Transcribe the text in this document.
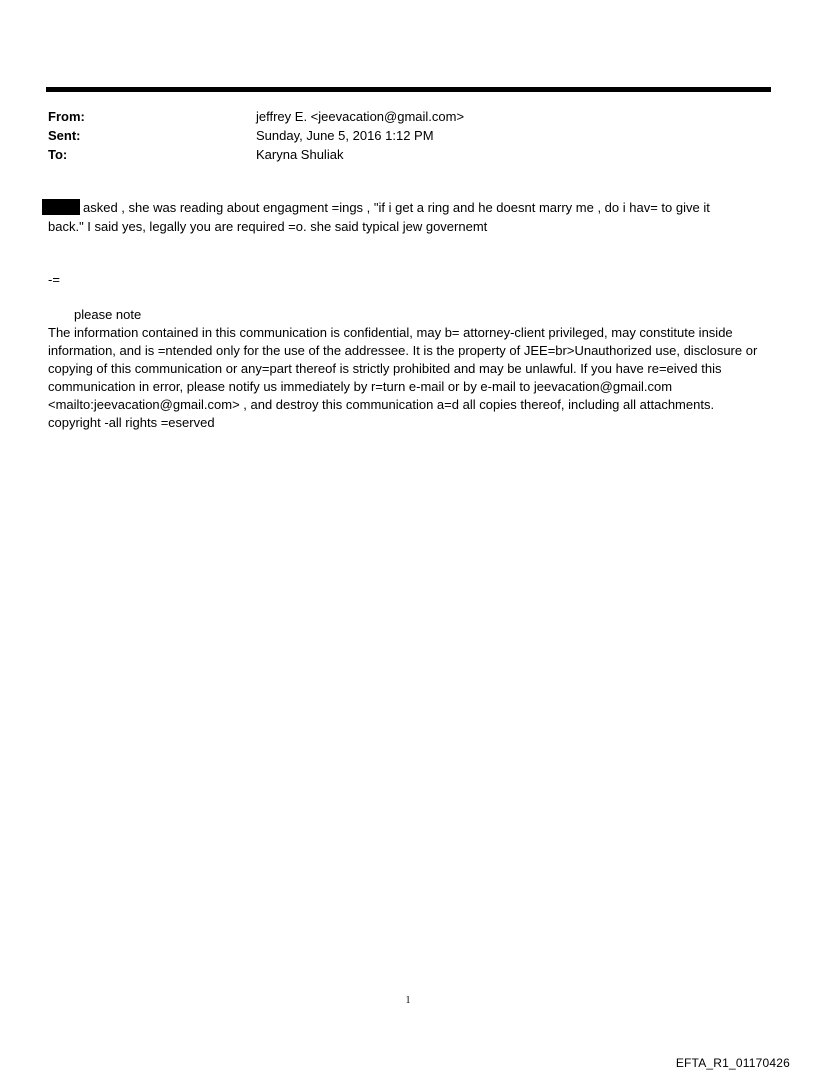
From:	jeffrey E. <jeevacation@gmail.com>
Sent:	Sunday, June 5, 2016 1:12 PM
To:	Karyna Shuliak
asked , she was reading about engagment =ings , "if i get a ring and he doesnt marry me , do i hav= to give it
back." I said yes, legally you are required =o. she said typical jew governemt
-=
please note
The information contained in this communication is confidential, may b= attorney-client privileged, may constitute inside information, and is =ntended only for the use of the addressee. It is the property of JEE=br>Unauthorized use, disclosure or copying of this communication or any=part thereof is strictly prohibited and may be unlawful. If you have re=eived this communication in error, please notify us immediately by r=turn e-mail or by e-mail to jeevacation@gmail.com <mailto:jeevacation@gmail.com> , and destroy this communication a=d all copies thereof, including all attachments. copyright -all rights =eserved
1
EFTA_R1_01170426
